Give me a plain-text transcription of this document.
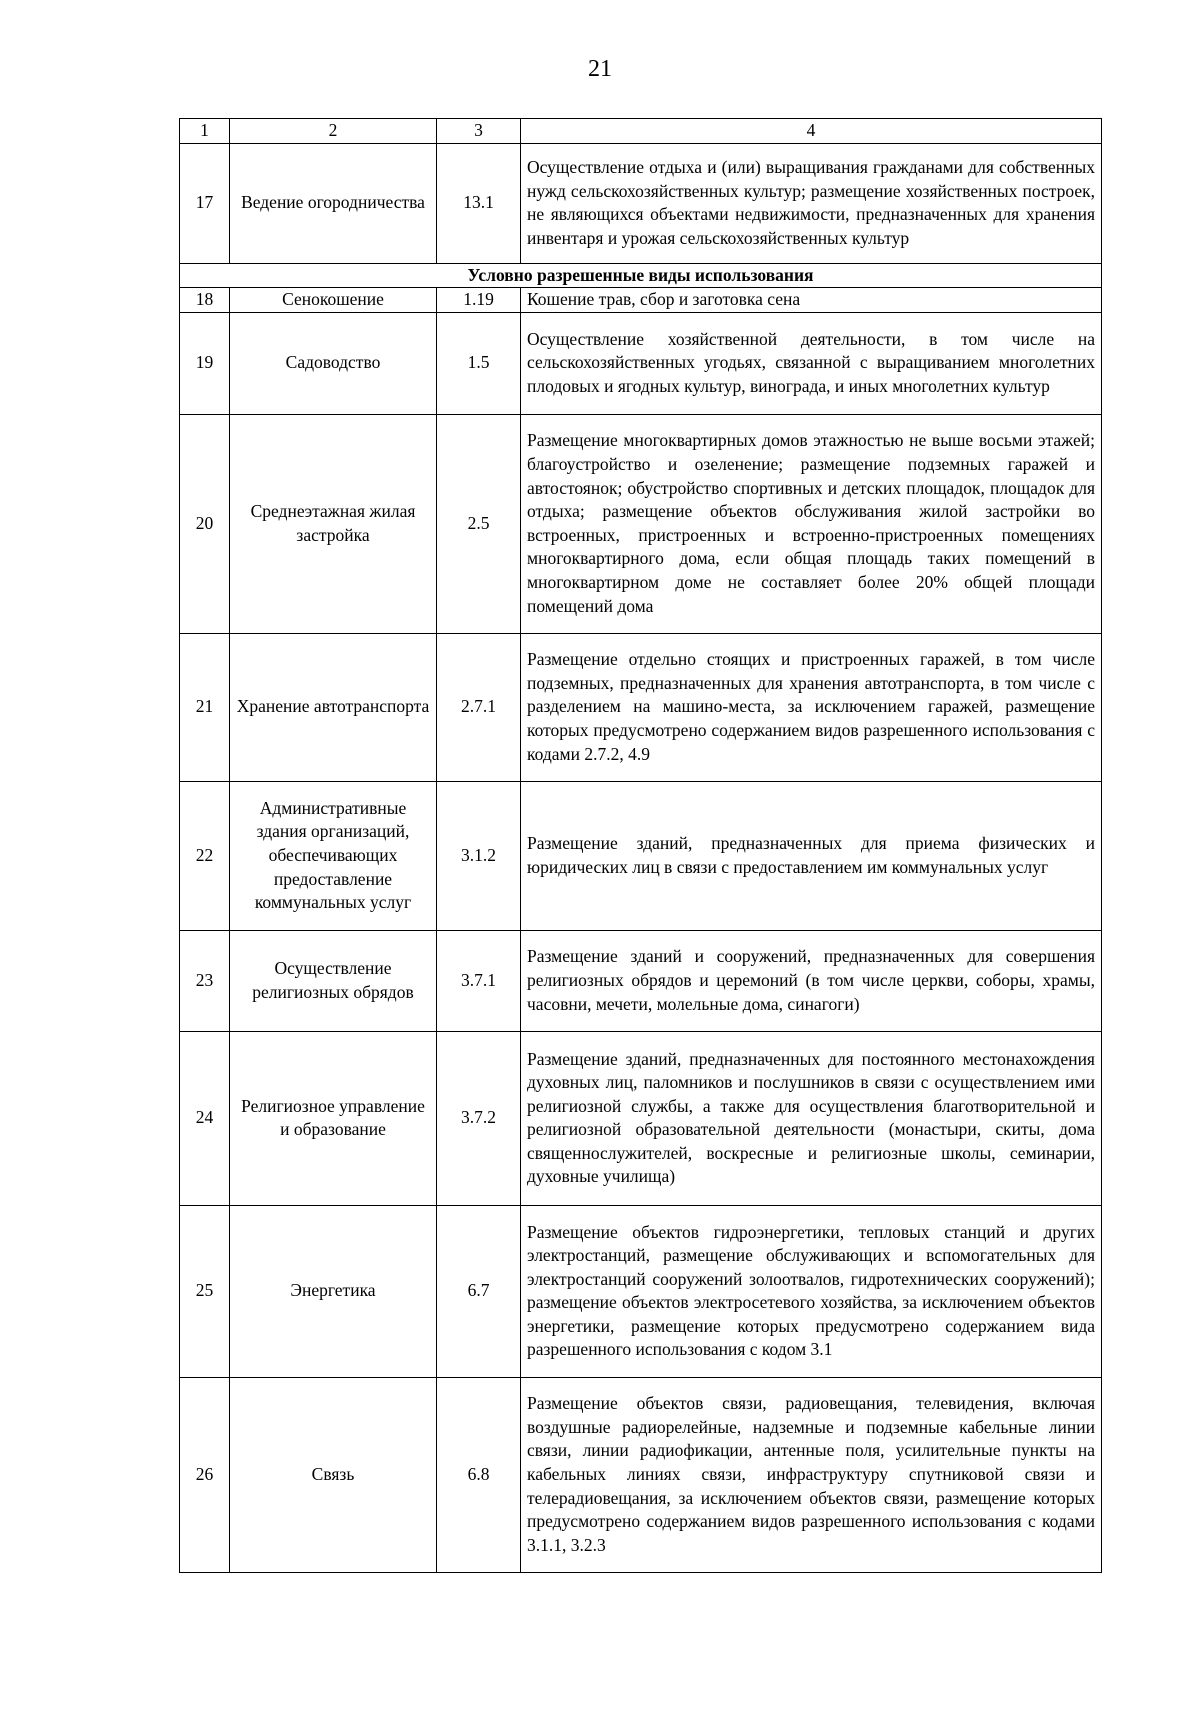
21
1	2	3	4
17	Ведение огородничества	13.1	Осуществление отдыха и (или) выращивания гражданами для собственных нужд сельскохозяйственных культур; размещение хозяйственных построек, не являющихся объектами недвижимости, предназначенных для хранения инвентаря и урожая сельскохозяйственных культур
Условно разрешенные виды использования			
18	Сенокошение	1.19	Кошение трав, сбор и заготовка сена
19	Садоводство	1.5	Осуществление хозяйственной деятельности, в том числе на сельскохозяйственных угодьях, связанной с выращиванием многолетних плодовых и ягодных культур, винограда, и иных многолетних культур
20	Среднеэтажная жилая застройка	2.5	Размещение многоквартирных домов этажностью не выше восьми этажей; благоустройство и озеленение; размещение подземных гаражей и автостоянок; обустройство спортивных и детских площадок, площадок для отдыха; размещение объектов обслуживания жилой застройки во встроенных, пристроенных и встроенно-пристроенных помещениях многоквартирного дома, если общая площадь таких помещений в многоквартирном доме не составляет более 20% общей площади помещений дома
21	Хранение автотранспорта	2.7.1	Размещение отдельно стоящих и пристроенных гаражей, в том числе подземных, предназначенных для хранения автотранспорта, в том числе с разделением на машино-места, за исключением гаражей, размещение которых предусмотрено содержанием видов разрешенного использования с кодами 2.7.2, 4.9
22	Административные здания организаций, обеспечивающих предоставление коммунальных услуг	3.1.2	Размещение зданий, предназначенных для приема физических и юридических лиц в связи с предоставлением им коммунальных услуг
23	Осуществление религиозных обрядов	3.7.1	Размещение зданий и сооружений, предназначенных для совершения религиозных обрядов и церемоний (в том числе церкви, соборы, храмы, часовни, мечети, молельные дома, синагоги)
24	Религиозное управление и образование	3.7.2	Размещение зданий, предназначенных для постоянного местонахождения духовных лиц, паломников и послушников в связи с осуществлением ими религиозной службы, а также для осуществления благотворительной и религиозной образовательной деятельности (монастыри, скиты, дома священнослужителей, воскресные и религиозные школы, семинарии, духовные училища)
25	Энергетика	6.7	Размещение объектов гидроэнергетики, тепловых станций и других электростанций, размещение обслуживающих и вспомогательных для электростанций сооружений золоотвалов, гидротехнических сооружений); размещение объектов электросетевого хозяйства, за исключением объектов энергетики, размещение которых предусмотрено содержанием вида разрешенного использования с кодом 3.1
26	Связь	6.8	Размещение объектов связи, радиовещания, телевидения, включая воздушные радиорелейные, надземные и подземные кабельные линии связи, линии радиофикации, антенные поля, усилительные пункты на кабельных линиях связи, инфраструктуру спутниковой связи и телерадиовещания, за исключением объектов связи, размещение которых предусмотрено содержанием видов разрешенного использования с кодами 3.1.1, 3.2.3
